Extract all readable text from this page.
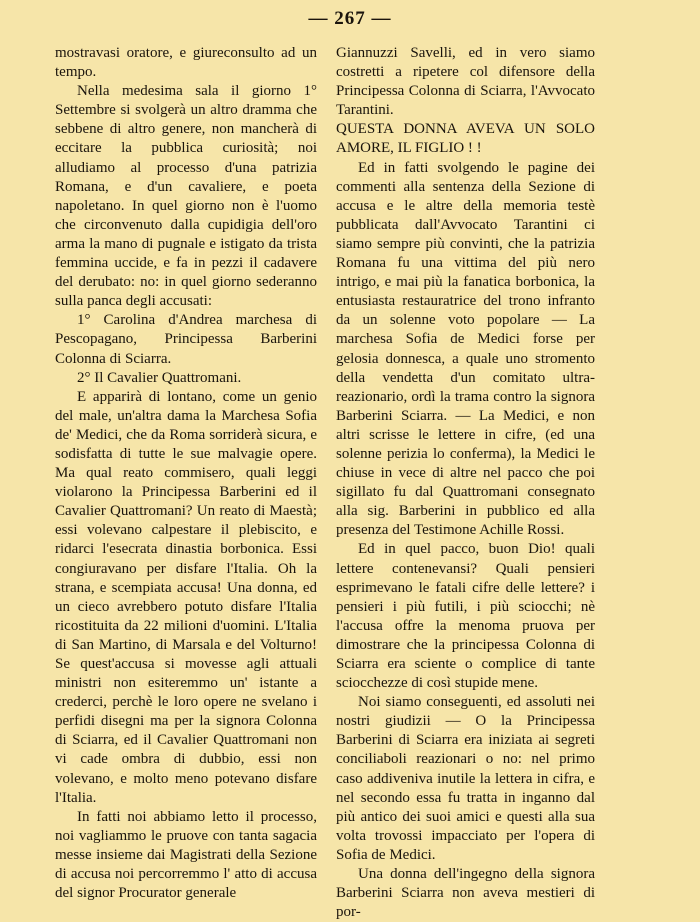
— 267 —

mostravasi oratore, e giureconsulto ad un tempo.

Nella medesima sala il giorno 1° Settembre si svolgerà un altro dramma che sebbene di altro genere, non mancherà di eccitare la pubblica curiosità; noi alludiamo al processo d'una patrizia Romana, e d'un cavaliere, e poeta napoletano. In quel giorno non è l'uomo che circonvenuto dalla cupidigia dell'oro arma la mano di pugnale e istigato da trista femmina uccide, e fa in pezzi il cadavere del derubato: no: in quel giorno sederanno sulla panca degli accusati:

1° Carolina d'Andrea marchesa di Pescopagano, Principessa Barberini Colonna di Sciarra.

2° Il Cavalier Quattromani.

E apparirà di lontano, come un genio del male, un'altra dama la Marchesa Sofia de' Medici, che da Roma sorriderà sicura, e sodisfatta di tutte le sue malvagie opere. Ma qual reato commisero, quali leggi violarono la Principessa Barberini ed il Cavalier Quattromani? Un reato di Maestà; essi volevano calpestare il plebiscito, e ridarci l'esecrata dinastia borbonica. Essi congiuravano per disfare l'Italia. Oh la strana, e scempiata accusa! Una donna, ed un cieco avrebbero potuto disfare l'Italia ricostituita da 22 milioni d'uomini. L'Italia di San Martino, di Marsala e del Volturno! Se quest'accusa si movesse agli attuali ministri non esiteremmo un' istante a crederci, perchè le loro opere ne svelano i perfidi disegni ma per la signora Colonna di Sciarra, ed il Cavalier Quattromani non vi cade ombra di dubbio, essi non volevano, e molto meno potevano disfare l'Italia.

In fatti noi abbiamo letto il processo, noi vagliammo le pruove con tanta sagacia messe insieme dai Magistrati della Sezione di accusa noi percorremmo l' atto di accusa del signor Procurator generale

Giannuzzi Savelli, ed in vero siamo costretti a ripetere col difensore della Principessa Colonna di Sciarra, l'Avvocato Tarantini.

QUESTA DONNA AVEVA UN SOLO AMORE, IL FIGLIO ! !

Ed in fatti svolgendo le pagine dei commenti alla sentenza della Sezione di accusa e le altre della memoria testè pubblicata dall'Avvocato Tarantini ci siamo sempre più convinti, che la patrizia Romana fu una vittima del più nero intrigo, e mai più la fanatica borbonica, la entusiasta restauratrice del trono infranto da un solenne voto popolare — La marchesa Sofia de Medici forse per gelosia donnesca, a quale uno stromento della vendetta d'un comitato ultra-reazionario, ordì la trama contro la signora Barberini Sciarra. — La Medici, e non altri scrisse le lettere in cifre, (ed una solenne perizia lo conferma), la Medici le chiuse in vece di altre nel pacco che poi sigillato fu dal Quattromani consegnato alla sig. Barberini in pubblico ed alla presenza del Testimone Achille Rossi.

Ed in quel pacco, buon Dio! quali lettere contenevansi? Quali pensieri esprimevano le fatali cifre delle lettere? i pensieri i più futili, i più sciocchi; nè l'accusa offre la menoma pruova per dimostrare che la principessa Colonna di Sciarra era sciente o complice di tante sciocchezze di così stupide mene.

Noi siamo conseguenti, ed assoluti nei nostri giudizii — O la Principessa Barberini di Sciarra era iniziata ai segreti conciliaboli reazionari o no: nel primo caso addiveniva inutile la lettera in cifra, e nel secondo essa fu tratta in inganno dal più antico dei suoi amici e questi alla sua volta trovossi impacciato per l'opera di Sofia de Medici.

Una donna dell'ingegno della signora Barberini Sciarra non aveva mestieri di por-
